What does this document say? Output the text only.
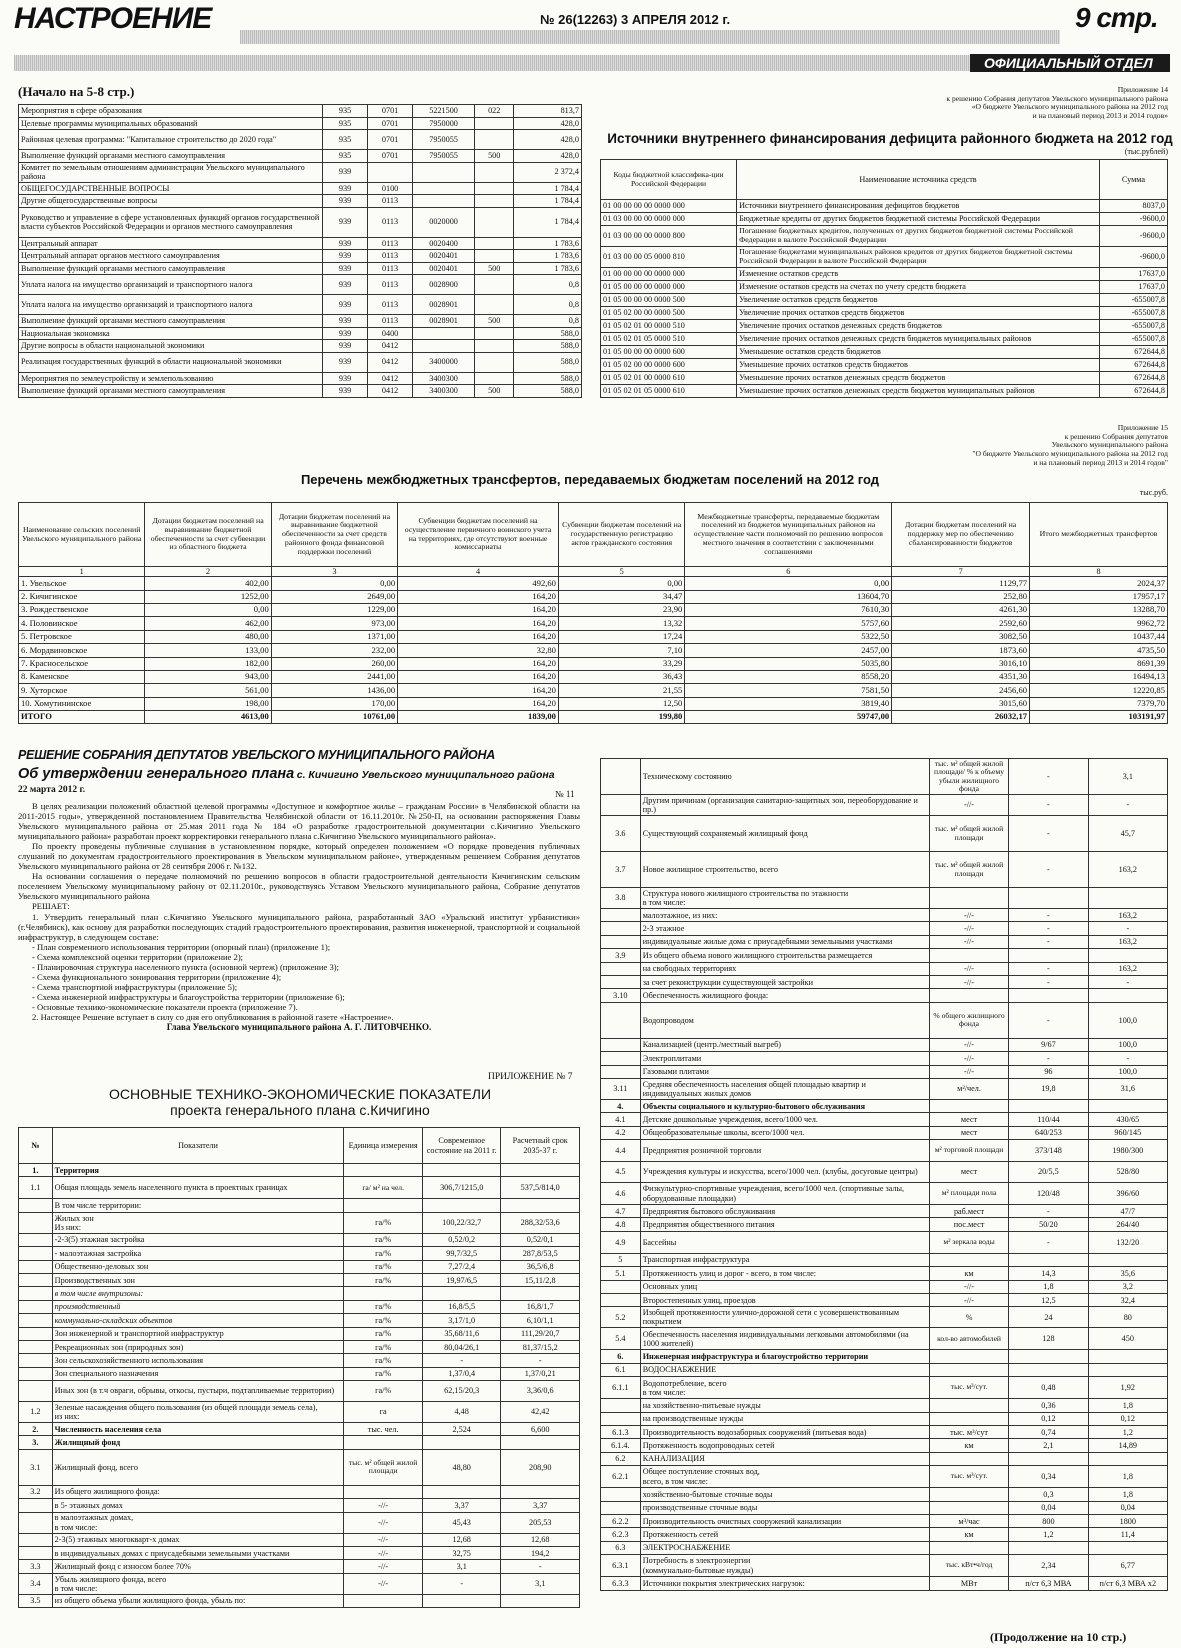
НАСТРОЕНИЕ	№ 26(12263) 3 АПРЕЛЯ 2012 г.	9 стр.
ОФИЦИАЛЬНЫЙ ОТДЕЛ
(Начало на 5-8 стр.)
Мероприятия в сфере образования	935	0701	5221500	022	813,7
Целевые программы муниципальных образований	935	0701	7950000		428,0
Районная целевая программа: "Капитальное строительство до 2020 года"	935	0701	7950055		428,0
Выполнение функций органами местного самоуправления	935	0701	7950055	500	428,0
Комитет по земельным отношениям администрации Увельского муниципального района	939				2 372,4
ОБЩЕГОСУДАРСТВЕННЫЕ ВОПРОСЫ	939	0100			1 784,4
Другие общегосударственные вопросы	939	0113			1 784,4
Руководство и управление в сфере установленных функций органов государственной власти субъектов Российской Федерации и органов местного самоуправления	939	0113	0020000		1 784,4
Центральный аппарат	939	0113	0020400		1 783,6
Центральный аппарат органов местного самоуправления	939	0113	0020401		1 783,6
Выполнение функций органами местного самоуправления	939	0113	0020401	500	1 783,6
Уплата налога на имущество организаций и транспортного налога	939	0113	0028900		0,8
Уплата налога на имущество организаций и транспортного налога	939	0113	0028901		0,8
Выполнение функций органами местного самоуправления	939	0113	0028901	500	0,8
Национальная экономика	939	0400			588,0
Другие вопросы в области национальной экономики	939	0412			588,0
Реализация государственных функций в области национальной экономики	939	0412	3400000		588,0
Мероприятия по землеустройству и землепользованию	939	0412	3400300		588,0
Выполнение функций органами местного самоуправления	939	0412	3400300	500	588,0
Приложение 14
к решению Собрания депутатов Увельского муниципального района
«О бюджете Увельского муниципального района на 2012 год
и на плановый период 2013 и 2014 годов»
Источники внутреннего финансирования дефицита районного бюджета на 2012 год
(тыс.рублей)
Коды бюджетной классифика-ции Российской Федерации	Наименование источника средств	Сумма
01 00 00 00 00 0000 000	Источники внутреннего финансирования дефицитов бюджетов	8037,0
01 03 00 00 00 0000 000	Бюджетные кредиты от других бюджетов бюджетной системы Российской Федерации	-9600,0
01 03 00 00 00 0000 800	Погашение бюджетных кредитов, полученных от других бюджетов бюджетной системы Российской Федерации в валюте Российской Федерации	-9600,0
01 03 00 00 05 0000 810	Погашение бюджетами муниципальных районов кредитов от других бюджетов бюджетной системы Российской Федерации в валюте Российской Федерации	-9600,0
01 00 00 00 00 0000 000	Изменение остатков средств	17637,0
01 05 00 00 00 0000 000	Изменение остатков средств на счетах по учету средств бюджета	17637,0
01 05 00 00 00 0000 500	Увеличение остатков средств бюджетов	-655007,8
01 05 02 00 00 0000 500	Увеличение прочих остатков средств бюджетов	-655007,8
01 05 02 01 00 0000 510	Увеличение прочих остатков денежных средств бюджетов	-655007,8
01 05 02 01 05 0000 510	Увеличение прочих остатков денежных средств бюджетов муниципальных районов	-655007,8
01 05 00 00 00 0000 600	Уменьшение остатков средств бюджетов	672644,8
01 05 02 00 00 0000 600	Уменьшение прочих остатков средств бюджетов	672644,8
01 05 02 01 00 0000 610	Уменьшение прочих остатков денежных средств бюджетов	672644,8
01 05 02 01 05 0000 610	Уменьшение прочих остатков денежных средств бюджетов муниципальных районов	672644,8
Приложение 15
к решению Собрания депутатов
Увельского муниципального района
"О бюджете Увельского муниципального района на 2012 год
и на плановый период 2013 и 2014 годов"
Перечень межбюджетных трансфертов, передаваемых бюджетам поселений на 2012 год
тыс.руб.
Наименование сельских поселений Увельского муниципального района	Дотации бюджетам поселений на выравнивание бюджетной обеспеченности за счет субвенции из областного бюджета	Дотации бюджетам поселений на выравнивание бюджетной обеспеченности за счет средств районного фонда финансовой поддержки поселений	Субвенции бюджетам поселений на осуществление первичного воинского учета на территориях, где отсутствуют военные комиссариаты	Субвенции бюджетам поселений на государственную регистрацию актов гражданского состояния	Межбюджетные трансферты, передаваемые бюджетам поселений из бюджетов муниципальных районов на осуществление части полномочий по решению вопросов местного значения в соответствии с заключенными соглашениями	Дотации бюджетам поселений на поддержку мер по обеспечению сбалансированности бюджетов	Итого межбюджетных трансфертов
1	2	3	4	5	6	7	8
1. Увельское	402,00	0,00	492,60	0,00	0,00	1129,77	2024,37
2. Кичигинское	1252,00	2649,00	164,20	34,47	13604,70	252,80	17957,17
3. Рождественское	0,00	1229,00	164,20	23,90	7610,30	4261,30	13288,70
4. Половинское	462,00	973,00	164,20	13,32	5757,60	2592,60	9962,72
5. Петровское	480,00	1371,00	164,20	17,24	5322,50	3082,50	10437,44
6. Мордвиновское	133,00	232,00	32,80	7,10	2457,00	1873,60	4735,50
7. Красносельское	182,00	260,00	164,20	33,29	5035,80	3016,10	8691,39
8. Каменское	943,00	2441,00	164,20	36,43	8558,20	4351,30	16494,13
9. Хуторское	561,00	1436,00	164,20	21,55	7581,50	2456,60	12220,85
10. Хомутининское	198,00	170,00	164,20	12,50	3819,40	3015,60	7379,70
ИТОГО	4613,00	10761,00	1839,00	199,80	59747,00	26032,17	103191,97
РЕШЕНИЕ СОБРАНИЯ ДЕПУТАТОВ УВЕЛЬСКОГО МУНИЦИПАЛЬНОГО РАЙОНА
Об утверждении генерального плана с. Кичигино Увельского муниципального района
22 марта 2012 г.	№ 11

В целях реализации положений областной целевой программы «Доступное и комфортное жилье – гражданам России» в Челябинской области на 2011-2015 годы», утвержденной постановлением Правительства Челябинской области от 16.11.2010г. №250-П, на основании распоряжения Главы Увельского муниципального района от 25.мая 2011 года № 184 «О разработке градостроительной документации с.Кичигино Увельского муниципального района» разработан проект корректировки генерального плана с.Кичигино Увельского муниципального района».

По проекту проведены публичные слушания в установленном порядке, который определен положением «О порядке проведения публичных слушаний по документам градостроительного проектирования в Увельском муниципальном районе», утвержденным решением Собрания депутатов Увельского муниципального района от 28 сентября 2006 г. №132.

На основании соглашения о передаче полномочий по решению вопросов в области градостроительной деятельности Кичигинским сельским поселением Увельскому муниципальному району от 02.11.2010г., руководствуясь Уставом Увельского муниципального района, Собрание депутатов Увельского муниципального района

РЕШАЕТ:

1. Утвердить генеральный план с.Кичигино Увельского муниципального района, разработанный ЗАО «Уральский институт урбанистики» (г.Челябинск), как основу для разработки последующих стадий градостроительного проектирования, развития инженерной, транспортной и социальной инфраструктур, в следующем составе:

- План современного использования территории (опорный план) (приложение 1);
- Схема комплексной оценки территории (приложение 2);
- Планировочная структура населенного пункта (основной чертеж) (приложение 3);
- Схема функционального зонирования территории (приложение 4);
- Схема транспортной инфраструктуры (приложение 5);
- Схема инженерной инфраструктуры и благоустройства территории (приложение 6);
- Основные технико-экономические показатели проекта (приложение 7).

2. Настоящее Решение вступает в силу со дня его опубликования в районной газете «Настроение».

Глава Увельского муниципального района А. Г. ЛИТОВЧЕНКО.

ПРИЛОЖЕНИЕ № 7
ОСНОВНЫЕ ТЕХНИКО-ЭКОНОМИЧЕСКИЕ ПОКАЗАТЕЛИ
проекта генерального плана с.Кичигино
№	Показатели	Единица измерения	Современное состояние на 2011 г.	Расчетный срок 2035-37 г.
1.	Территория			
1.1	Общая площадь земель населенного пункта в проектных границах	га/ м² на чел.	306,7/1215,0	537,5/814,0
	В том числе территории:			
	Жилых зон
Из них:	га/%	100,22/32,7	288,32/53,6
	-2-3(5) этажная застройка	га/%	0,52/0,2	0,52/0,1
	- малоэтажная застройка	га/%	99,7/32,5	287,8/53,5
	Общественно-деловых зон	га/%	7,27/2,4	36,5/6,8
	Производственных зон	га/%	19,97/6,5	15,11/2,8
	в том числе внутризоны:			
	производственный	га/%	16,8/5,5	16,8/1,7
	коммунально-складских объектов	га/%	3,17/1,0	6,10/1,1
	Зон инженерной и транспортной инфраструктур	га/%	35,68/11,6	111,29/20,7
	Рекреационных зон (природных зон)	га/%	80,04/26,1	81,37/15,2
	Зон сельскохозяйственного использования	га/%	-	-
	Зон специального назначения	га/%	1,37/0,4	1,37/0,21
	Иных зон (в т.ч овраги, обрывы, откосы, пустыри, подтапливаемые территории)	га/%	62,15/20,3	3,36/0,6
1.2	Зеленые насаждения общего пользования (из общей площади земель села),
из них:	га	4,48	42,42
2.	Численность населения села	тыс. чел.	2,524	6,600
3.	Жилищный фонд			
3.1	Жилищный фонд, всего	тыс. м² общей жилой площади	48,80	208,90
3.2	Из общего жилищного фонда:			
	в 5- этажных домах	-//-	3,37	3,37
	в малоэтажных домах,
в том числе:	-//-	45,43	205,53
	2-3(5) этажных многокварт-х домах	-//-	12,68	12,68
	в индивидуальных домах с приусадебными земельными участками	-//-	32,75	194,2
3.3	Жилищный фонд с износом более 70%	-//-	3,1	-
3.4	Убыль жилищного фонда, всего
в том числе:	-//-	-	3,1
3.5	из общего объема убыли жилищного фонда, убыль по:			
	Техническому состоянию	тыс. м² общей жилой площади/ % к объему убыли жилищного фонда	-	3,1
	Другим причинам (организация санитарно-защитных зон, переоборудование и пр.)	-//-	-	-
3.6	Существующий сохраняемый жилищный фонд	тыс. м² общей жилой площади	-	45,7
3.7	Новое жилищное строительство, всего	тыс. м² общей жилой площади	-	163,2
3.8	Структура нового жилищного строительства по этажности
в том числе:			
	малоэтажное, из них:	-//-	-	163,2
	2-3 этажное	-//-	-	-
	индивидуальные жилые дома с приусадебными земельными участками	-//-	-	163,2
3.9	Из общего объема нового жилищного строительства размещается			
	на свободных территориях	-//-	-	163,2
	за счет реконструкции существующей застройки	-//-	-	-
3.10	Обеспеченность жилищного фонда:			
	Водопроводом	% общего жилищного фонда	-	100,0
	Канализацией (центр./местный выгреб)	-//-	9/67	100,0
	Электроплитами	-//-	-	-
	Газовыми плитами	-//-	96	100,0
3.11	Средняя обеспеченность населения общей площадью квартир и индивидуальных жилых домов	м²/чел.	19,8	31,6
4.	Объекты социального и культурно-бытового обслуживания			
4.1	Детские дошкольные учреждения, всего/1000 чел.	мест	110/44	430/65
4.2	Общеобразовательные школы, всего/1000 чел.	мест	640/253	960/145
4.4	Предприятия розничной торговли	м² торговой площади	373/148	1980/300
4.5	Учреждения культуры и искусства, всего/1000 чел. (клубы, досуговые центры)	мест	20/5,5	528/80
4.6	Физкультурно-спортивные учреждения, всего/1000 чел. (спортивные залы, оборудованные площадки)	м² площади пола	120/48	396/60
4.7	Предприятия бытового обслуживания	раб.мест	-	47/7
4.8	Предприятия общественного питания	пос.мест	50/20	264/40
4.9	Бассейны	м² зеркала воды	-	132/20
5	Транспортная инфраструктура			
5.1	Протяженность улиц и дорог - всего, в том числе:	км	14,3	35,6
	Основных улиц	-//-	1,8	3,2
	Второстепенных улиц, проездов	-//-	12,5	32,4
5.2	Изобщей протяженности улично-дорожной сети с усовершенствованным покрытием	%	24	80
5.4	Обеспеченность населения индивидуальными легковыми автомобилями (на 1000 жителей)	кол-во автомобилей	128	450
6.	Инженерная инфраструктура и благоустройство территории			
6.1	ВОДОСНАБЖЕНИЕ			
6.1.1	Водопотребление, всего
в том числе:	тыс. м³/сут.	0,48	1,92
	на хозяйственно-питьевые нужды		0,36	1,8
	на производственные нужды		0,12	0,12
6.1.3	Производительность водозаборных сооружений (питьевая вода)	тыс. м³/сут	0,74	1,2
6.1.4.	Протяженность водопроводных сетей	км	2,1	14,89
6.2	КАНАЛИЗАЦИЯ			
6.2.1	Общее поступление сточных вод,
всего, в том числе:	тыс. м³/сут.	0,34	1,8
	хозяйственно-бытовые сточные воды		0,3	1,8
	производственные сточные воды		0,04	0,04
6.2.2	Производительность очистных сооружений канализации	м³/час	800	1800
6.2.3	Протяженность сетей	км	1,2	11,4
6.3	ЭЛЕКТРОСНАБЖЕНИЕ			
6.3.1	Потребность в электроэнергии
(коммунально-бытовые нужды)	тыс. кВт•ч/год	2,34	6,77
6.3.3	Источники покрытия электрических нагрузок:	МВт	п/ст 6,3 МВА	п/ст 6,3 МВА х2
(Продолжение на 10 стр.)
